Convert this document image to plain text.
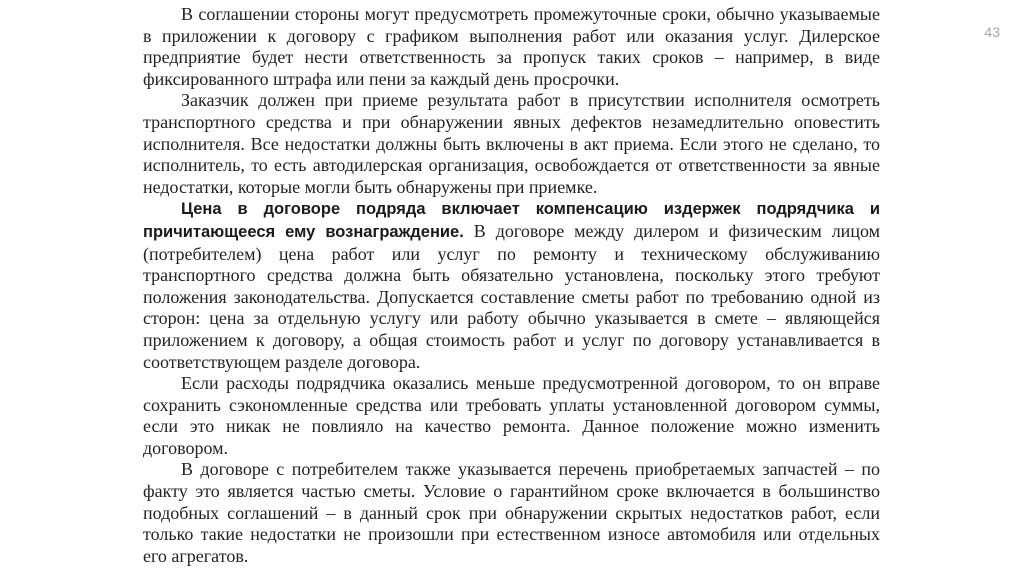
43

В соглашении стороны могут предусмотреть промежуточные сроки, обычно указываемые в приложении к договору с графиком выполнения работ или оказания услуг. Дилерское предприятие будет нести ответственность за пропуск таких сроков – например, в виде фиксированного штрафа или пени за каждый день просрочки.

Заказчик должен при приеме результата работ в присутствии исполнителя осмотреть транспортного средства и при обнаружении явных дефектов незамедлительно оповестить исполнителя. Все недостатки должны быть включены в акт приема. Если этого не сделано, то исполнитель, то есть автодилерская организация, освобождается от ответственности за явные недостатки, которые могли быть обнаружены при приемке.

Цена в договоре подряда включает компенсацию издержек подрядчика и причитающееся ему вознаграждение. В договоре между дилером и физическим лицом (потребителем) цена работ или услуг по ремонту и техническому обслуживанию транспортного средства должна быть обязательно установлена, поскольку этого требуют положения законодательства. Допускается составление сметы работ по требованию одной из сторон: цена за отдельную услугу или работу обычно указывается в смете – являющейся приложением к договору, а общая стоимость работ и услуг по договору устанавливается в соответствующем разделе договора.

Если расходы подрядчика оказались меньше предусмотренной договором, то он вправе сохранить сэкономленные средства или требовать уплаты установленной договором суммы, если это никак не повлияло на качество ремонта. Данное положение можно изменить договором.

В договоре с потребителем также указывается перечень приобретаемых запчастей – по факту это является частью сметы. Условие о гарантийном сроке включается в большинство подобных соглашений – в данный срок при обнаружении скрытых недостатков работ, если только такие недостатки не произошли при естественном износе автомобиля или отдельных его агрегатов.
